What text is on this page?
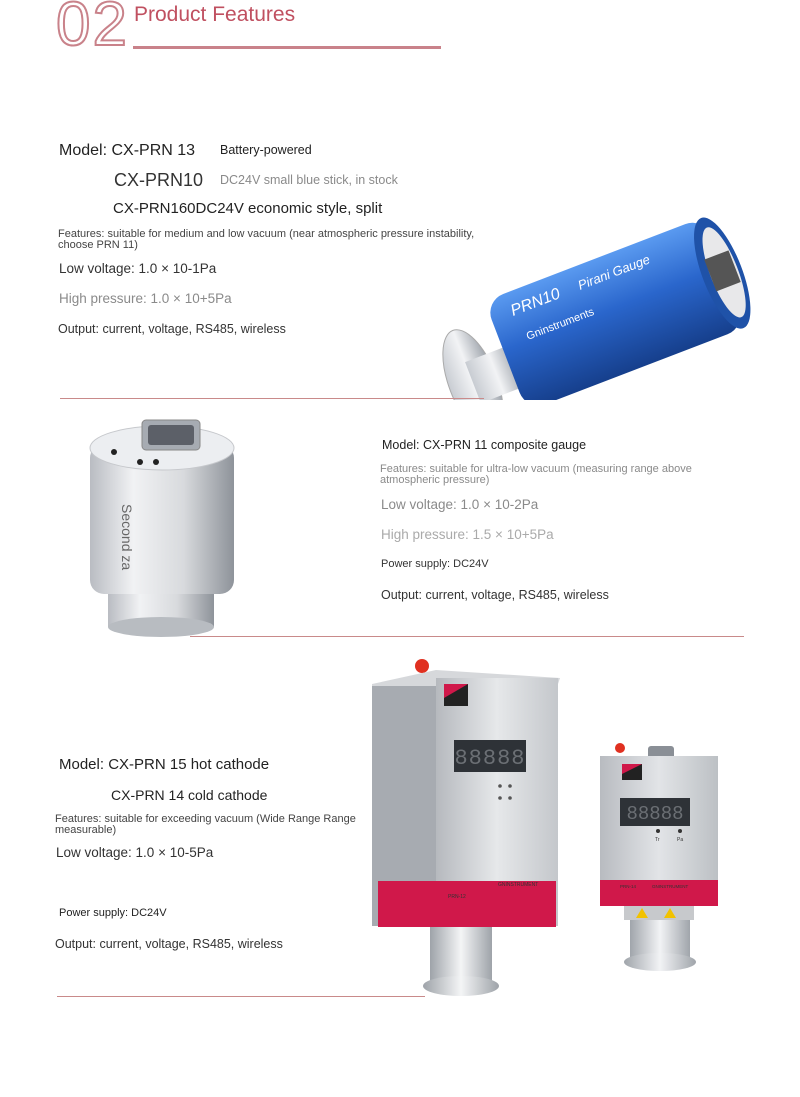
02 Product Features
Model: CX-PRN 13 Battery-powered
CX-PRN10 DC24V small blue stick, in stock
CX-PRN160DC24V economic style, split
Features: suitable for medium and low vacuum (near atmospheric pressure instability, choose PRN 11)
Low voltage: 1.0 × 10-1Pa
High pressure: 1.0 × 10+5Pa
Output: current, voltage, RS485, wireless
PRN10
Pirani Gauge
Gninstruments
Second za
Model: CX-PRN 11 composite gauge
Features: suitable for ultra-low vacuum (measuring range above atmospheric pressure)
Low voltage: 1.0 × 10-2Pa
High pressure: 1.5 × 10+5Pa
Power supply: DC24V
Output: current, voltage, RS485, wireless
Model: CX-PRN 15 hot cathode
CX-PRN 14 cold cathode
Features: suitable for exceeding vacuum (Wide Range Range measurable)
Low voltage: 1.0 × 10-5Pa
Power supply: DC24V
Output: current, voltage, RS485, wireless
88888
PRN-12
GNINSTRUMENT
88888
Tr	Pa
PRN-14	GNINSTRUMENT
